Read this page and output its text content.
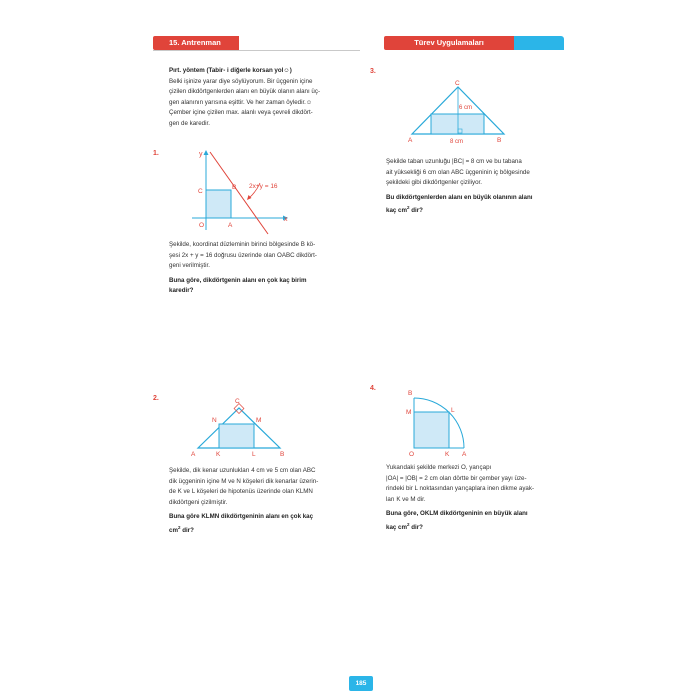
15. Antrenman	Türev Uygulamaları
Pırt. yöntem (Tabir- i diğerle korsan yol☺)
Belki işinize yarar diye söylüyorum. Bir üçgenin içine
çizilen dikdörtgenlerden alanı en büyük olanın alanı üç-
gen alanının yarısına eşittir. Ve her zaman öyledir.☺
Çember içine çizilen max. alanlı veya çevreli dikdört-
gen de karedir.
1.	y
x
2x+y = 16
C
B
O	A
Şekilde, koordinat düzleminin birinci bölgesinde B kö-
şesi 2x + y = 16 doğrusu üzerinde olan OABC dikdört-
geni verilmiştir.
Buna göre, dikdörtgenin alanı en çok kaç birim
karedir?
2.	C
N	M
A	K	L	B
Şekilde, dik kenar uzunlukları 4 cm ve 5 cm olan ABC
dik üçgeninin içine M ve N köşeleri dik kenarlar üzerin-
de K ve L köşeleri de hipotenüs üzerinde olan KLMN
dikdörtgeni çizilmiştir.
Buna göre KLMN dikdörtgeninin alanı en çok kaç
$cm^2$ dir?
3.
C
6 cm
8 cm
A	B
Şekilde taban uzunluğu |BC| = 8 cm ve bu tabana
ait yüksekliği 6 cm olan ABC üçgeninin iç bölgesinde
şekildeki gibi dikdörtgenler çiziliyor.
Bu dikdörtgenlerden alanı en büyük olanının alanı
kaç $cm^2$ dir?
4.
B
M	L
O	K A
Yukarıdaki şekilde merkezi O, yarıçapı
|OA| = |OB| = 2 cm olan dörtte bir çember yayı üze-
rindeki bir L noktasından yarıçaplara inen dikme ayak-
ları K ve M dir.
Buna göre, OKLM dikdörtgeninin en büyük alanı
kaç $cm^2$ dir?
185
